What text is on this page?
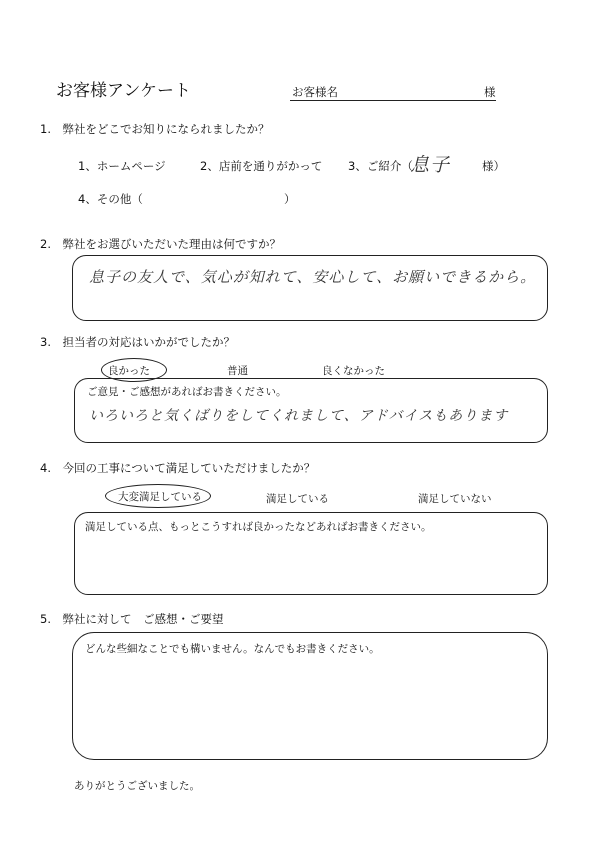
お客様アンケート	お客様名	様
1.　弊社をどこでお知りになられましたか？
1、ホームページ	2、店前を通りがかって 3、ご紹介（
息子	様）
4、その他（	）
2.　弊社をお選びいただいた理由は何ですか？
息子の友人で、気心が知れて、安心して、お願いできるから。
3.　担当者の対応はいかがでしたか？
良かった	普通	良くなかった
ご意見・ご感想があればお書きください。
いろいろと気くばりをしてくれまして、アドバイスもあります
4.　今回の工事について満足していただけましたか？
大変満足している	満足している	満足していない
満足している点、もっとこうすれば良かったなどあればお書きください。
5.　弊社に対して　ご感想・ご要望
どんな些細なことでも構いません。なんでもお書きください。
ありがとうございました。
